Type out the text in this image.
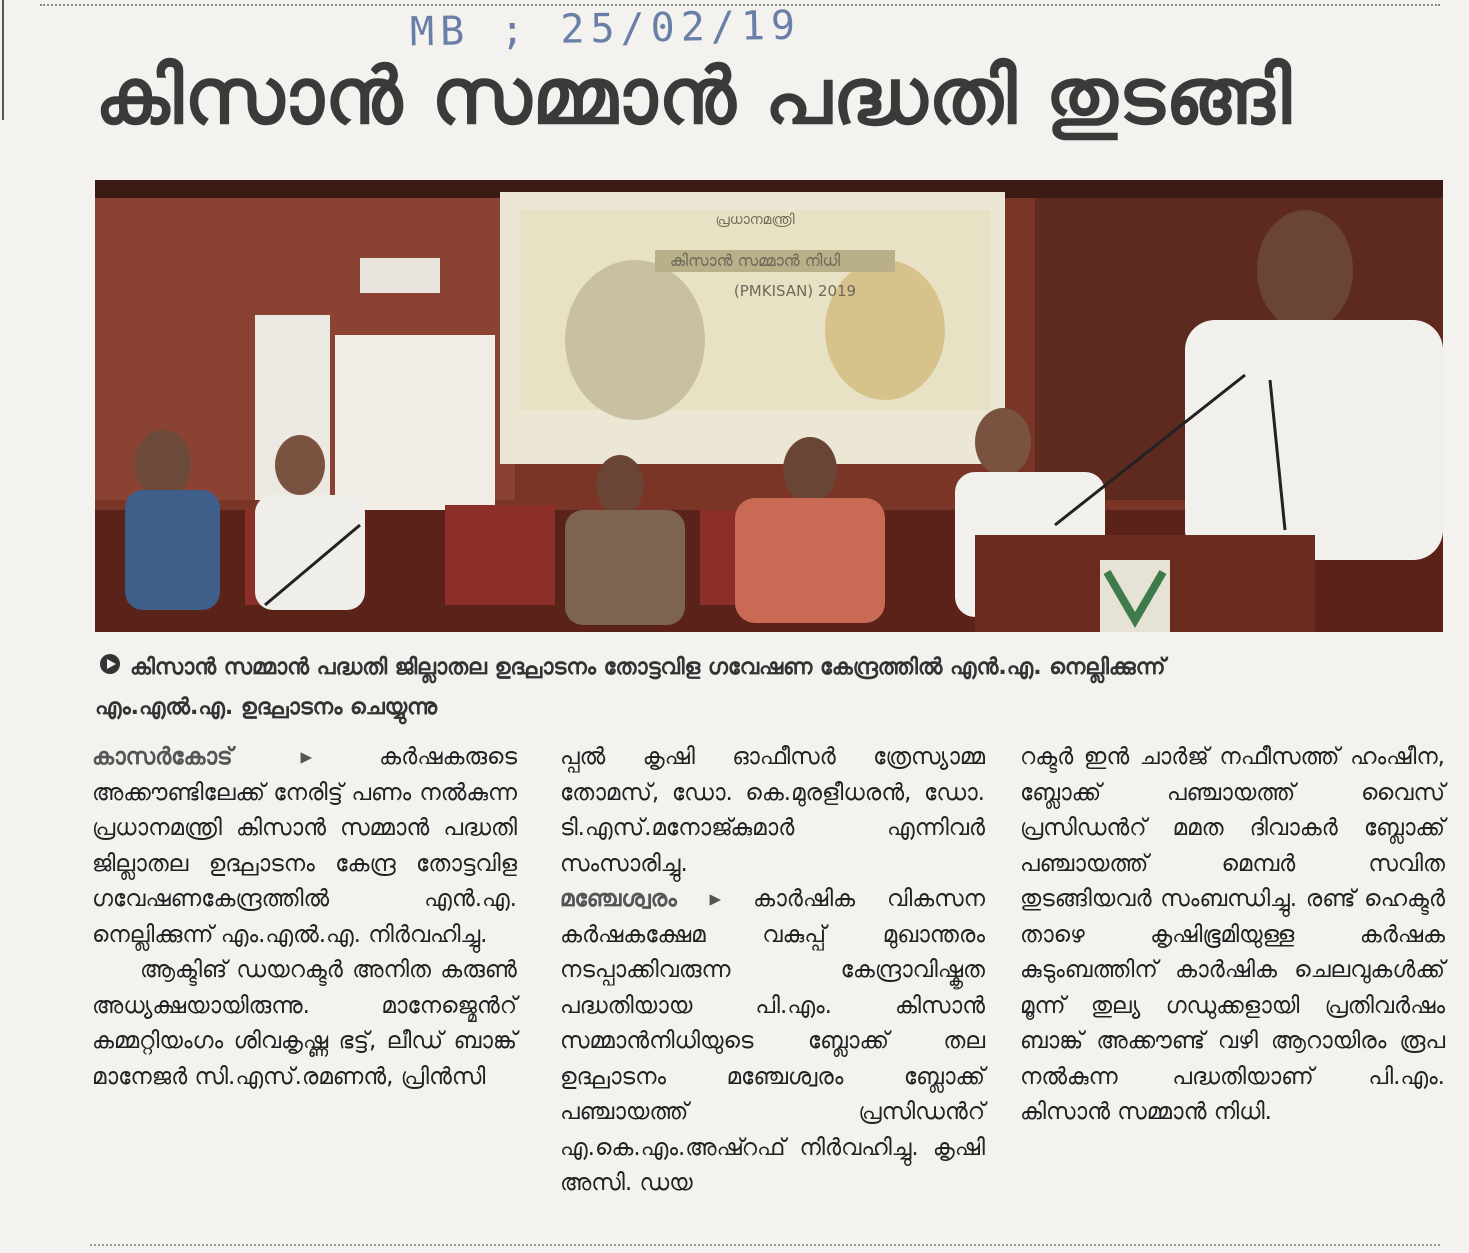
MB ; 25/02/19
കിസാൻ സമ്മാൻ പദ്ധതി തുടങ്ങി
പ്രധാനമന്ത്രി
കിസാൻ സമ്മാൻ നിധി
(PMKISAN) 2019
കിസാൻ സമ്മാൻ പദ്ധതി ജില്ലാതല ഉദ്ഘാടനം തോട്ടവിള ഗവേഷണ കേന്ദ്രത്തിൽ എൻ.എ. നെല്ലിക്കുന്ന്
എം.എൽ.എ. ഉദ്ഘാടനം ചെയ്യുന്നു

കാസർകോട് ▸	കർഷകരുടെ അക്കൗണ്ടിലേക്ക് നേരിട്ട് പണം നൽകുന്ന പ്രധാനമന്ത്രി കിസാൻ സമ്മാൻ പദ്ധതി ജില്ലാതല ഉദ്ഘാടനം കേന്ദ്ര തോട്ടവിള ഗവേഷണകേന്ദ്രത്തിൽ എൻ.എ. നെല്ലിക്കുന്ന് എം.എൽ.എ. നിർവഹിച്ചു.

ആക്ടിങ് ഡയറക്ടർ അനിത കരുൺ അധ്യക്ഷയായിരുന്നു. മാനേജ്മെൻറ് കമ്മറ്റിയംഗം ശിവകൃഷ്ണ ഭട്ട്, ലീഡ് ബാങ്ക് മാനേജർ സി.എസ്.രമണൻ, പ്രിൻസി

പ്പൽ കൃഷി ഓഫീസർ ത്രേസ്യാമ്മ തോമസ്, ഡോ. കെ.മുരളീധരൻ, ഡോ. ടി.എസ്.മനോജ്കുമാർ എന്നിവർ സംസാരിച്ചു.

മഞ്ചേശ്വരം ▸ കാർഷിക വികസന കർഷകക്ഷേമ വകുപ്പ് മുഖാന്തരം നടപ്പാക്കിവരുന്ന കേന്ദ്രാവിഷ്കൃത പദ്ധതിയായ പി.എം. കിസാൻ സമ്മാൻനിധിയുടെ ബ്ലോക്ക് തല ഉദ്ഘാടനം മഞ്ചേശ്വരം ബ്ലോക്ക് പഞ്ചായത്ത് പ്രസിഡൻറ് എ.കെ.എം.അഷ്റഫ് നിർവഹിച്ചു. കൃഷി അസി. ഡയ

റക്ടർ ഇൻ ചാർജ് നഫീസത്ത് ഹംഷീന, ബ്ലോക്ക് പഞ്ചായത്ത് വൈസ് പ്രസിഡൻറ് മമത ദിവാകർ ബ്ലോക്ക് പഞ്ചായത്ത് മെമ്പർ സവിത തുടങ്ങിയവർ സംബന്ധിച്ചു. രണ്ട് ഹെക്ടർ താഴെ കൃഷിഭൂമിയുള്ള കർഷക കുടുംബത്തിന് കാർഷിക ചെലവുകൾക്ക് മൂന്ന് തുല്യ ഗഡുക്കളായി പ്രതിവർഷം ബാങ്ക് അക്കൗണ്ട് വഴി ആറായിരം രൂപ നൽകുന്ന പദ്ധതിയാണ് പി.എം. കിസാൻ സമ്മാൻ നിധി.
